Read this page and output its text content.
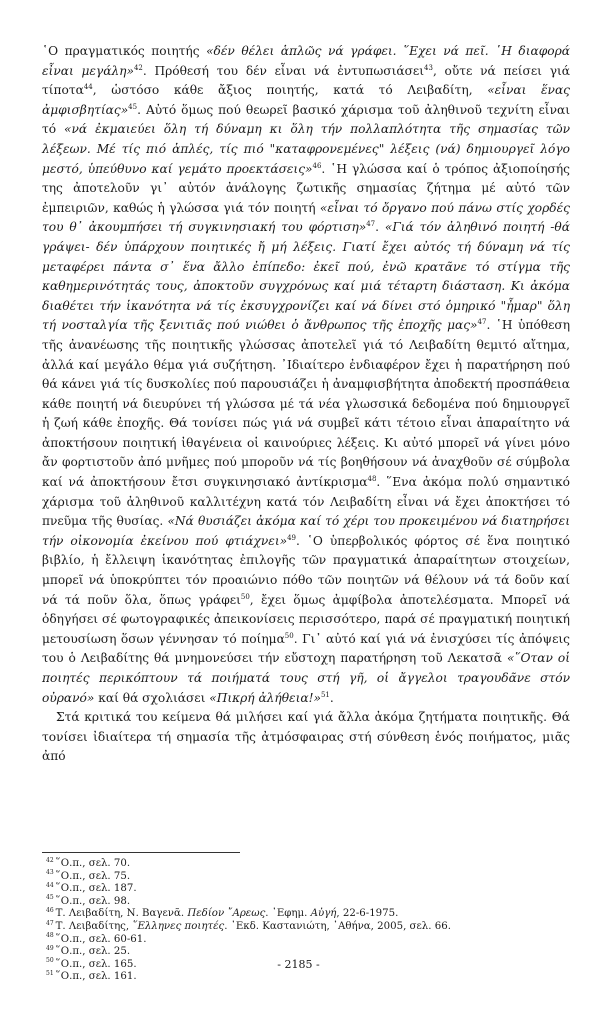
῾Ο πραγματικός ποιητής «δέν θέλει ἁπλῶς νά γράφει. ῞Εχει νά πεῖ. ῾Η διαφορά εἶναι μεγάλη»$^{42}$. Πρόθεσή του δέν εἶναι νά ἐντυπωσιάσει$^{43}$, οὔτε νά πείσει γιά τίποτα$^{44}$, ὡστόσο κάθε ἄξιος ποιητής, κατά τό Λειβαδίτη, «εἶναι ἕνας ἀμφισβητίας»$^{45}$. Αὐτό ὅμως πού θεωρεῖ βασικό χάρισμα τοῦ ἀληθινοῦ τεχνίτη εἶναι τό «νά ἐκμαιεύει ὅλη τή δύναμη κι ὅλη τήν πολλαπλότητα τῆς σημασίας τῶν λέξεων. Μέ τίς πιό ἁπλές, τίς πιό "καταφρονεμένες" λέξεις (νά) δημιουργεῖ λόγο μεστό, ὑπεύθυνο καί γεμάτο προεκτάσεις»$^{46}$. ῾Η γλώσσα καί ὁ τρόπος ἀξιοποίησής της ἀποτελοῦν γι᾿ αὐτόν ἀνάλογης ζωτικῆς σημασίας ζήτημα μέ αὐτό τῶν ἐμπειριῶν, καθώς ἡ γλώσσα γιά τόν ποιητή «εἶναι τό ὄργανο πού πάνω στίς χορδές του θ᾿ ἀκουμπήσει τή συγκινησιακή του φόρτιση»$^{47}$. «Γιά τόν ἀληθινό ποιητή -θά γράψει- δέν ὑπάρχουν ποιητικές ἤ μή λέξεις. Γιατί ἔχει αὐτός τή δύναμη νά τίς μεταφέρει πάντα σ᾿ ἕνα ἄλλο ἐπίπεδο: ἐκεῖ πού, ἐνῶ κρατᾶνε τό στίγμα τῆς καθημερινότητάς τους, ἀποκτοῦν συγχρόνως καί μιά τέταρτη διάσταση. Κι ἀκόμα διαθέτει τήν ἱκανότητα νά τίς ἐκσυγχρονίζει καί νά δίνει στό ὁμηρικό "ἦμαρ" ὅλη τή νοσταλγία τῆς ξενιτιᾶς πού νιώθει ὁ ἄνθρωπος τῆς ἐποχῆς μας»$^{47}$. ῾Η ὑπόθεση τῆς ἀνανέωσης τῆς ποιητικῆς γλώσσας ἀποτελεῖ γιά τό Λειβαδίτη θεμιτό αἴτημα, ἀλλά καί μεγάλο θέμα γιά συζήτηση. ᾿Ιδιαίτερο ἐνδιαφέρον ἔχει ἡ παρατήρηση πού θά κάνει γιά τίς δυσκολίες πού παρουσιάζει ἡ ἀναμφισβήτητα ἀποδεκτή προσπάθεια κάθε ποιητή νά διευρύνει τή γλώσσα μέ τά νέα γλωσσικά δεδομένα πού δημιουργεῖ ἡ ζωή κάθε ἐποχῆς. Θά τονίσει πώς γιά νά συμβεῖ κάτι τέτοιο εἶναι ἀπαραίτητο νά ἀποκτήσουν ποιητική ἰθαγένεια οἱ καινούριες λέξεις. Κι αὐτό μπορεῖ νά γίνει μόνο ἄν φορτιστοῦν ἀπό μνῆμες πού μποροῦν νά τίς βοηθήσουν νά ἀναχθοῦν σέ σύμβολα καί νά ἀποκτήσουν ἔτσι συγκινησιακό ἀντίκρισμα$^{48}$. ῞Ενα ἀκόμα πολύ σημαντικό χάρισμα τοῦ ἀληθινοῦ καλλιτέχνη κατά τόν Λειβαδίτη εἶναι νά ἔχει ἀποκτήσει τό πνεῦμα τῆς θυσίας. «Νά θυσιάζει ἀκόμα καί τό χέρι του προκειμένου νά διατηρήσει τήν οἰκονομία ἐκείνου πού φτιάχνει»$^{49}$. ῾Ο ὑπερβολικός φόρτος σέ ἕνα ποιητικό βιβλίο, ἡ ἔλλειψη ἱκανότητας ἐπιλογῆς τῶν πραγματικά ἀπαραίτητων στοιχείων, μπορεῖ νά ὑποκρύπτει τόν προαιώνιο πόθο τῶν ποιητῶν νά θέλουν νά τά δοῦν καί νά τά ποῦν ὅλα, ὅπως γράφει$^{50}$, ἔχει ὅμως ἀμφίβολα ἀποτελέσματα. Μπορεῖ νά ὁδηγήσει σέ φωτογραφικές ἀπεικονίσεις περισσότερο, παρά σέ πραγματική ποιητική μετουσίωση ὅσων γέννησαν τό ποίημα$^{50}$. Γι᾿ αὐτό καί γιά νά ἐνισχύσει τίς ἀπόψεις του ὁ Λειβαδίτης θά μνημονεύσει τήν εὔστοχη παρατήρηση τοῦ Λεκατσᾶ «῞Οταν οἱ ποιητές περικόπτουν τά ποιήματά τους στή γῆ, οἱ ἄγγελοι τραγουδᾶνε στόν οὐρανό» καί θά σχολιάσει «Πικρή ἀλήθεια!»$^{51}$.

Στά κριτικά του κείμενα θά μιλήσει καί γιά ἄλλα ἀκόμα ζητήματα ποιητικῆς. Θά τονίσει ἰδιαίτερα τή σημασία τῆς ἀτμόσφαιρας στή σύνθεση ἑνός ποιήματος, μιᾶς ἀπό

$^{42}$ ῞Ο.π., σελ. 70.
$^{43}$ ῞Ο.π., σελ. 75.
$^{44}$ ῞Ο.π., σελ. 187.
$^{45}$ ῞Ο.π., σελ. 98.
$^{46}$ Τ. Λειβαδίτη, Ν. Βαγενᾶ. Πεδίον ῎Αρεως. ᾿Εφημ. Αὐγή, 22-6-1975.
$^{47}$ Τ. Λειβαδίτης, ῞Ελληνες ποιητές. ᾿Εκδ. Καστανιώτη, ᾿Αθήνα, 2005, σελ. 66.
$^{48}$ ῞Ο.π., σελ. 60-61.
$^{49}$ ῞Ο.π., σελ. 25.
$^{50}$ ῞Ο.π., σελ. 165.
$^{51}$ ῞Ο.π., σελ. 161.
- 2185 -
